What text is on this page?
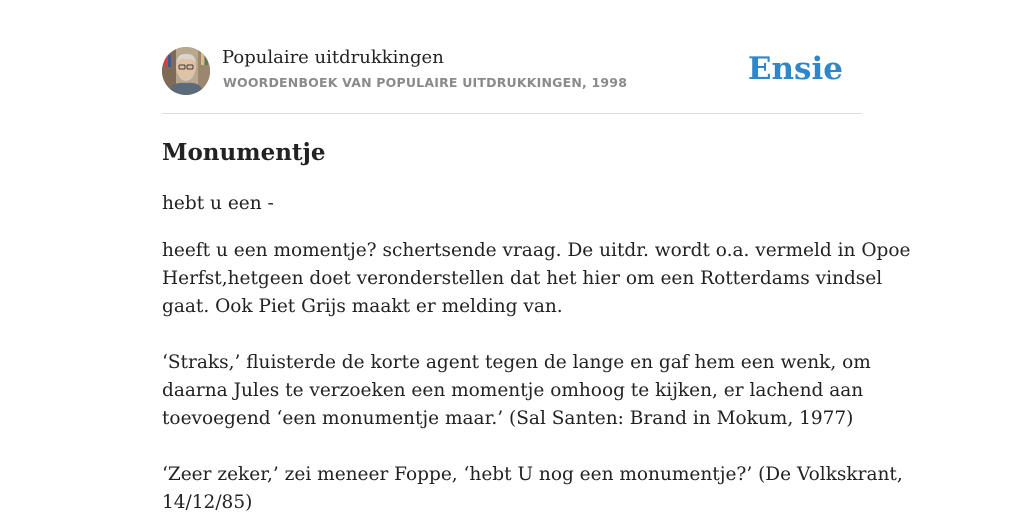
Populaire uitdrukkingen
WOORDENBOEK VAN POPULAIRE UITDRUKKINGEN, 1998	Ensie
Monumentje
hebt u een -

heeft u een momentje? schertsende vraag. De uitdr. wordt o.a. vermeld in Opoe
Herfst,hetgeen doet veronderstellen dat het hier om een Rotterdams vindsel
gaat. Ook Piet Grijs maakt er melding van.

‘Straks,’ fluisterde de korte agent tegen de lange en gaf hem een wenk, om
daarna Jules te verzoeken een momentje omhoog te kijken, er lachend aan
toevoegend ‘een monumentje maar.’ (Sal Santen: Brand in Mokum, 1977)

‘Zeer zeker,’ zei meneer Foppe, ‘hebt U nog een monumentje?’ (De Volkskrant,
14/12/85)
